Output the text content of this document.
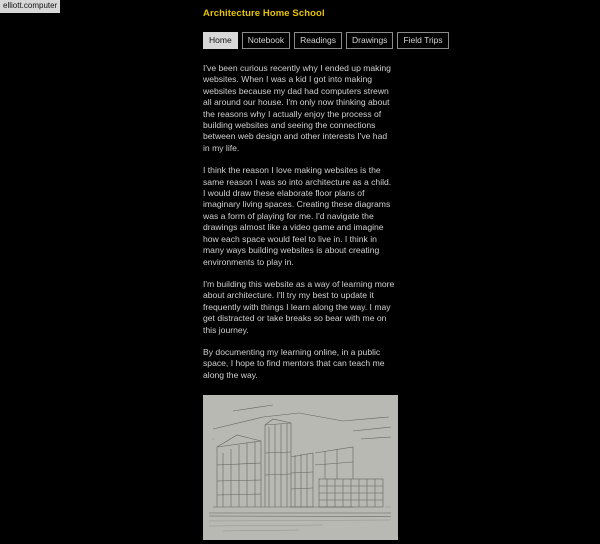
elliott.computer
Architecture Home School
Home	Notebook	Readings	Drawings	Field Trips

I've been curious recently why I ended up making websites. When I was a kid I got into making websites because my dad had computers strewn all around our house. I'm only now thinking about the reasons why I actually enjoy the process of building websites and seeing the connections between web design and other interests I've had in my life.

I think the reason I love making websites is the same reason I was so into architecture as a child. I would draw these elaborate floor plans of imaginary living spaces. Creating these diagrams was a form of playing for me. I'd navigate the drawings almost like a video game and imagine how each space would feel to live in. I think in many ways building websites is about creating environments to play in.

I'm building this website as a way of learning more about architecture. I'll try my best to update it frequently with things I learn along the way. I may get distracted or take breaks so bear with me on this journey.

By documenting my learning online, in a public space, I hope to find mentors that can teach me along the way.
